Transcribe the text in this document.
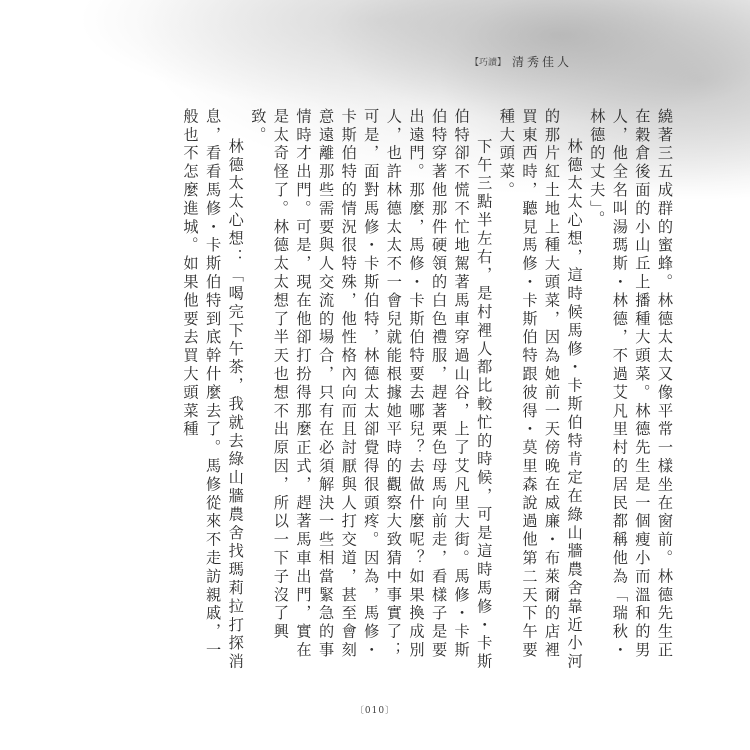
【巧讀】 清秀佳人

繞著三五成群的蜜蜂。林德太太又像平常一樣坐在窗前。林德先生正在穀倉後面的小山丘上播種大頭菜。林德先生是一個瘦小而溫和的男人，他全名叫湯瑪斯・林德，不過艾凡里村的居民都稱他為「瑞秋・林德的丈夫」。

林德太太心想，這時候馬修・卡斯伯特肯定在綠山牆農舍靠近小河的那片紅土地上種大頭菜，因為她前一天傍晚在威廉・布萊爾的店裡買東西時，聽見馬修・卡斯伯特跟彼得・莫里森說過他第二天下午要種大頭菜。

下午三點半左右，是村裡人都比較忙的時候，可是這時馬修・卡斯伯特卻不慌不忙地駕著馬車穿過山谷，上了艾凡里大街。馬修・卡斯伯特穿著他那件硬領的白色禮服，趕著栗色母馬向前走，看樣子是要出遠門。那麼，馬修・卡斯伯特要去哪兒？去做什麼呢？如果換成別人，也許林德太太不一會兒就能根據她平時的觀察大致猜中事實了；可是，面對馬修・卡斯伯特，林德太太卻覺得很頭疼。因為，馬修・卡斯伯特的情況很特殊，他性格內向而且討厭與人打交道，甚至會刻意遠離那些需要與人交流的場合，只有在必須解決一些相當緊急的事情時才出門。可是，現在他卻打扮得那麼正式，趕著馬車出門，實在是太奇怪了。林德太太想了半天也想不出原因，所以一下子沒了興致。

林德太太心想：「喝完下午茶，我就去綠山牆農舍找瑪莉拉打探消息，看看馬修・卡斯伯特到底幹什麼去了。馬修從來不走訪親戚，一般也不怎麼進城。如果他要去買大頭菜種

〔010〕
